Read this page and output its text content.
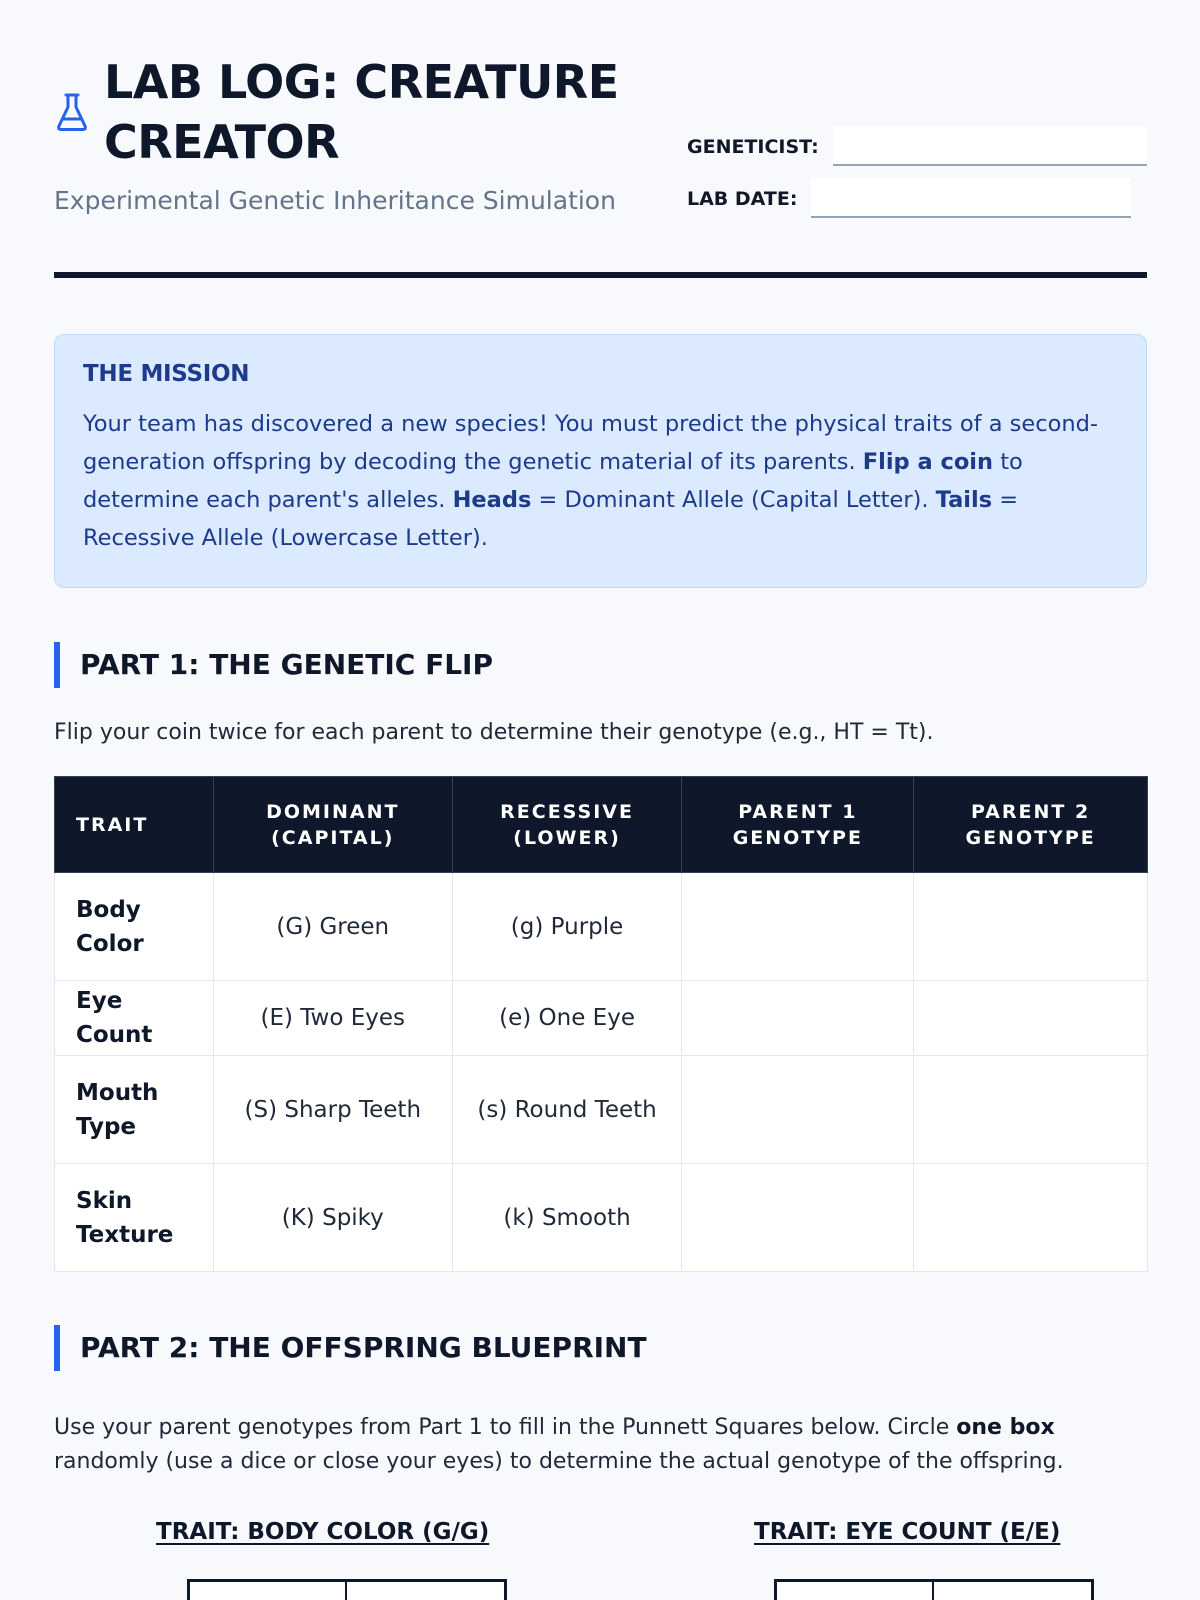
LAB LOG: CREATURE CREATOR
Experimental Genetic Inheritance Simulation
GENETICIST:
LAB DATE:
THE MISSION

Your team has discovered a new species! You must predict the physical traits of a second-generation offspring by decoding the genetic material of its parents. Flip a coin to determine each parent's alleles. Heads = Dominant Allele (Capital Letter). Tails = Recessive Allele (Lowercase Letter).

PART 1: THE GENETIC FLIP

Flip your coin twice for each parent to determine their genotype (e.g., HT = Tt).

TRAIT	DOMINANT (CAPITAL)	RECESSIVE (LOWER)	PARENT 1 GENOTYPE	PARENT 2 GENOTYPE
Body Color	(G) Green	(g) Purple		
Eye Count	(E) Two Eyes	(e) One Eye		
Mouth Type	(S) Sharp Teeth	(s) Round Teeth		
Skin Texture	(K) Spiky	(k) Smooth		
PART 2: THE OFFSPRING BLUEPRINT

Use your parent genotypes from Part 1 to fill in the Punnett Squares below. Circle one box randomly (use a dice or close your eyes) to determine the actual genotype of the offspring.

TRAIT: BODY COLOR (G/G)	TRAIT: EYE COUNT (E/E)
